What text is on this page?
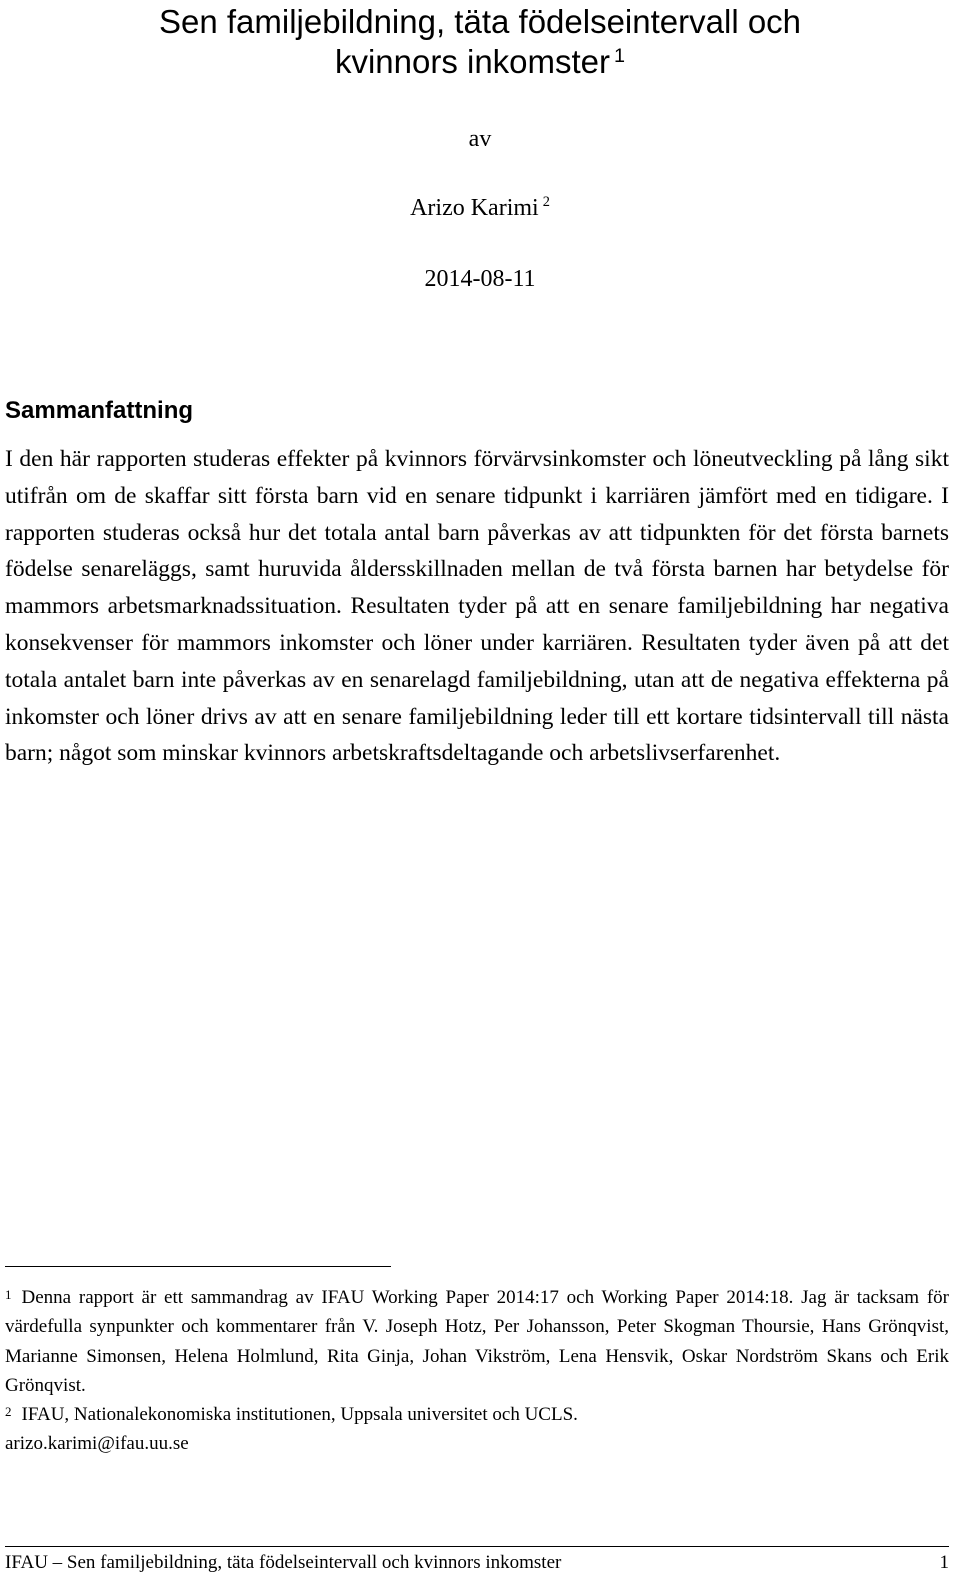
Sen familjebildning, täta födelseintervall och
kvinnors inkomster $^1$
av
Arizo Karimi $^2$
2014-08-11
Sammanfattning

I den här rapporten studeras effekter på kvinnors förvärvsinkomster och löneutveckling på lång sikt utifrån om de skaffar sitt första barn vid en senare tidpunkt i karriären jämfört med en tidigare. I rapporten studeras också hur det totala antal barn påverkas av att tidpunkten för det första barnets födelse senareläggs, samt huruvida åldersskillnaden mellan de två första barnen har betydelse för mammors arbetsmarknadssituation. Resultaten tyder på att en senare familjebildning har negativa konsekvenser för mammors inkomster och löner under karriären. Resultaten tyder även på att det totala antalet barn inte påverkas av en senarelagd familjebildning, utan att de negativa effekterna på inkomster och löner drivs av att en senare familjebildning leder till ett kortare tidsintervall till nästa barn; något som minskar kvinnors arbetskraftsdeltagande och arbetslivserfarenhet.

$^1$ Denna rapport är ett sammandrag av IFAU Working Paper 2014:17 och Working Paper 2014:18. Jag är tacksam för värdefulla synpunkter och kommentarer från V. Joseph Hotz, Per Johansson, Peter Skogman Thoursie, Hans Grönqvist, Marianne Simonsen, Helena Holmlund, Rita Ginja, Johan Vikström, Lena Hensvik, Oskar Nordström Skans och Erik Grönqvist.

$^2$ IFAU, Nationalekonomiska institutionen, Uppsala universitet och UCLS.

arizo.karimi@ifau.uu.se

IFAU – Sen familjebildning, täta födelseintervall och kvinnors inkomster	1
